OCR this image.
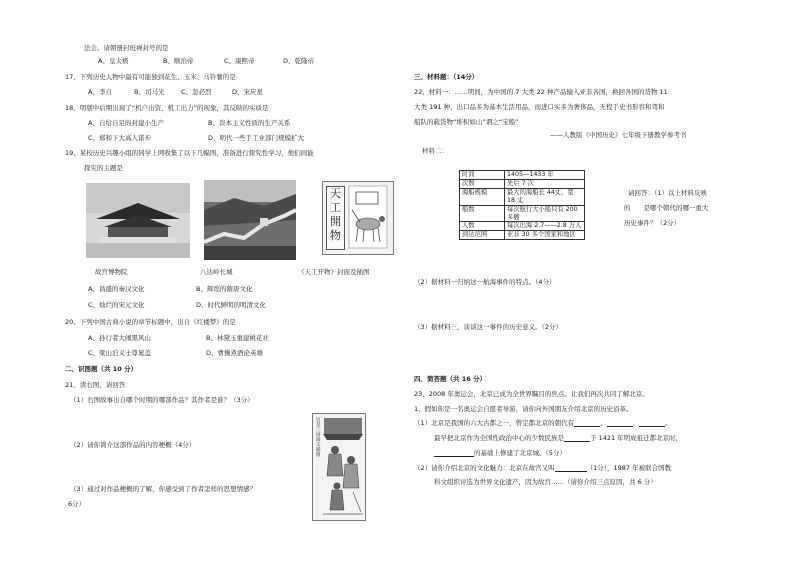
法会。请朝册封班禅封号的是
A、皇太极	B、顺治帝	C、康熙帝	D、乾隆帝
17、下列历史人物中最有可能独到花生、玉米、马铃薯的是
A、李自	B、司马光	C、忽必烈	D、宋应星
18、明朝中后期出现了“机户出资，机工出力”的现象，其反映的实质是
A、自给自足的封建小生产	B、资本主义性质的生产关系
C、郑和下大高人诺步	D、明代一些手工业部门规模扩大
19、某校历史兴趣小组的同学上网收集了以下几幅图，准备进行探究性学习，他们间能
探究的主题是
天工開物
故宫博物院	八达岭长城	《天工开物》封面及插图
A、昌盛的秦汉文化	B、辉煌的隋唐文化
C、灿烂的宋元文化	D、时代鲜明的明清文化
20、下列中国古典小说的章节标题中，出自《红楼梦》的是
A、孙行者大闹黑风山	B、林黛玉重建桃花社
C、梁山泊义士尊晁盖	D、曹操煮酒论英雄
二、识图题（共 10 分）
21、读右图，请回答：
（1）右图故事出自哪个时期的哪部作品？其作者是谁？（3分）
（2）请你简介这部作品的内容梗概（4分）
（3）通过对作品梗概的了解，你感受到了作者怎样的思想情感？
6分）
这是三国演义插图
三、材料题：（14分）
22、材料一：……明间，为中国的 7 大类 22 种产品输入亚非各国，换回各国的货物 11
大类 191 种，出口品多为基本生活用品，而进口实多为奢侈品，无程手史书形容和驾和
船队的载货物“堆积如山”谓之“宝船”
——人教版《中国历史》七年级下册教学参考书
材料二：
时间	1405—1433 年
次数	先后 7 次
海船规模	最大的海船长 44丈，宽 18 丈
船数	每次航行大小船只有 200 多艘
人数	每次出海 2.7——2.8 万人
到达范围	亚非 30 多个国家和地区
请回答：（1）以上材料反映
的　　是哪个朝代的哪一重大
历史事件？（2分）
（2）据材料一归纳这一航海事件的特点。（4分）
（3）据材料三，谈谈这一事件的历史意义。（2分）
四、简答题（共 16 分）
23、2008 年奥运会，北京已成为全世界瞩目的焦点。让我们再次共同了解北京。
1、假如你是一名奥运会自愿者导游，请你向外国朋友介绍北京的历史沿革。
（1）北京是我国的六大古都之一，曾定都北京的朝代有	、	、	。
最早把北京作为全国性政治中心的少数民族是	于 1421 年明成祖迁都北京时，
的基础上修建了北京城。（5分）
（2）请你介绍北京的文化魅力：北京在故宫又叫	（1分），1987 年被联合国教
科文组织评选为世界文化遗产，因为故宫……（请你介绍三点原因，共 6 分）
